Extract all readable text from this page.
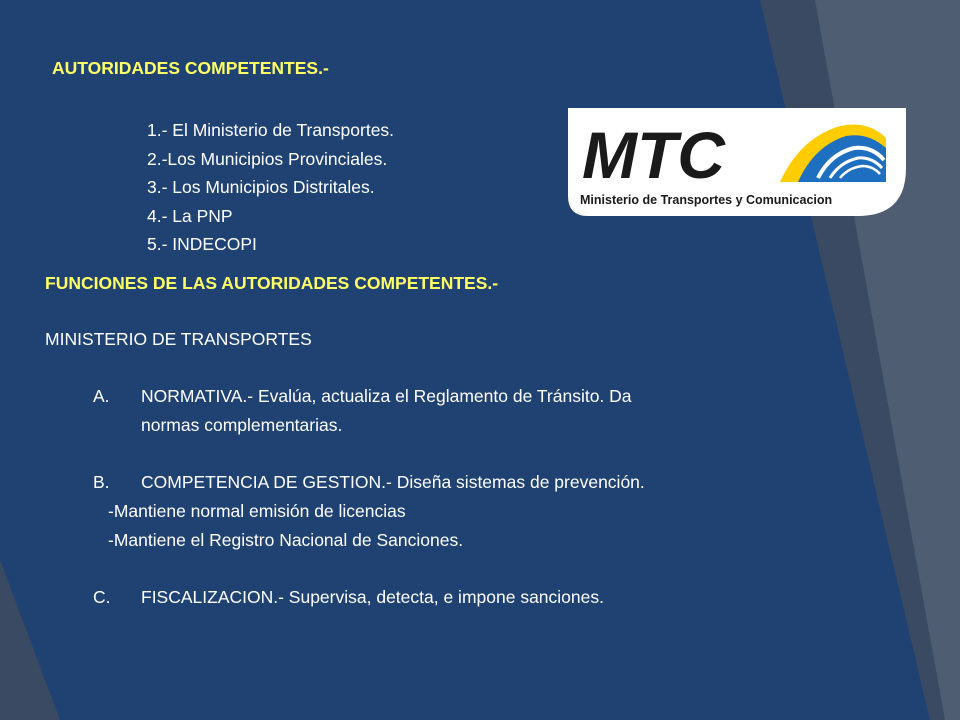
AUTORIDADES COMPETENTES.-
1.- El Ministerio de Transportes.
2.-Los Municipios Provinciales.
3.- Los Municipios Distritales.
4.- La PNP
5.- INDECOPI
MTC
Ministerio de Transportes y Comunicacion
FUNCIONES DE LAS AUTORIDADES COMPETENTES.-
MINISTERIO DE TRANSPORTES
A. NORMATIVA.- Evalúa, actualiza el Reglamento de Tránsito. Da
normas complementarias.
B. COMPETENCIA DE GESTION.- Diseña sistemas de prevención.
-Mantiene normal emisión de licencias
-Mantiene el Registro Nacional de Sanciones.
C. FISCALIZACION.- Supervisa, detecta, e impone sanciones.
